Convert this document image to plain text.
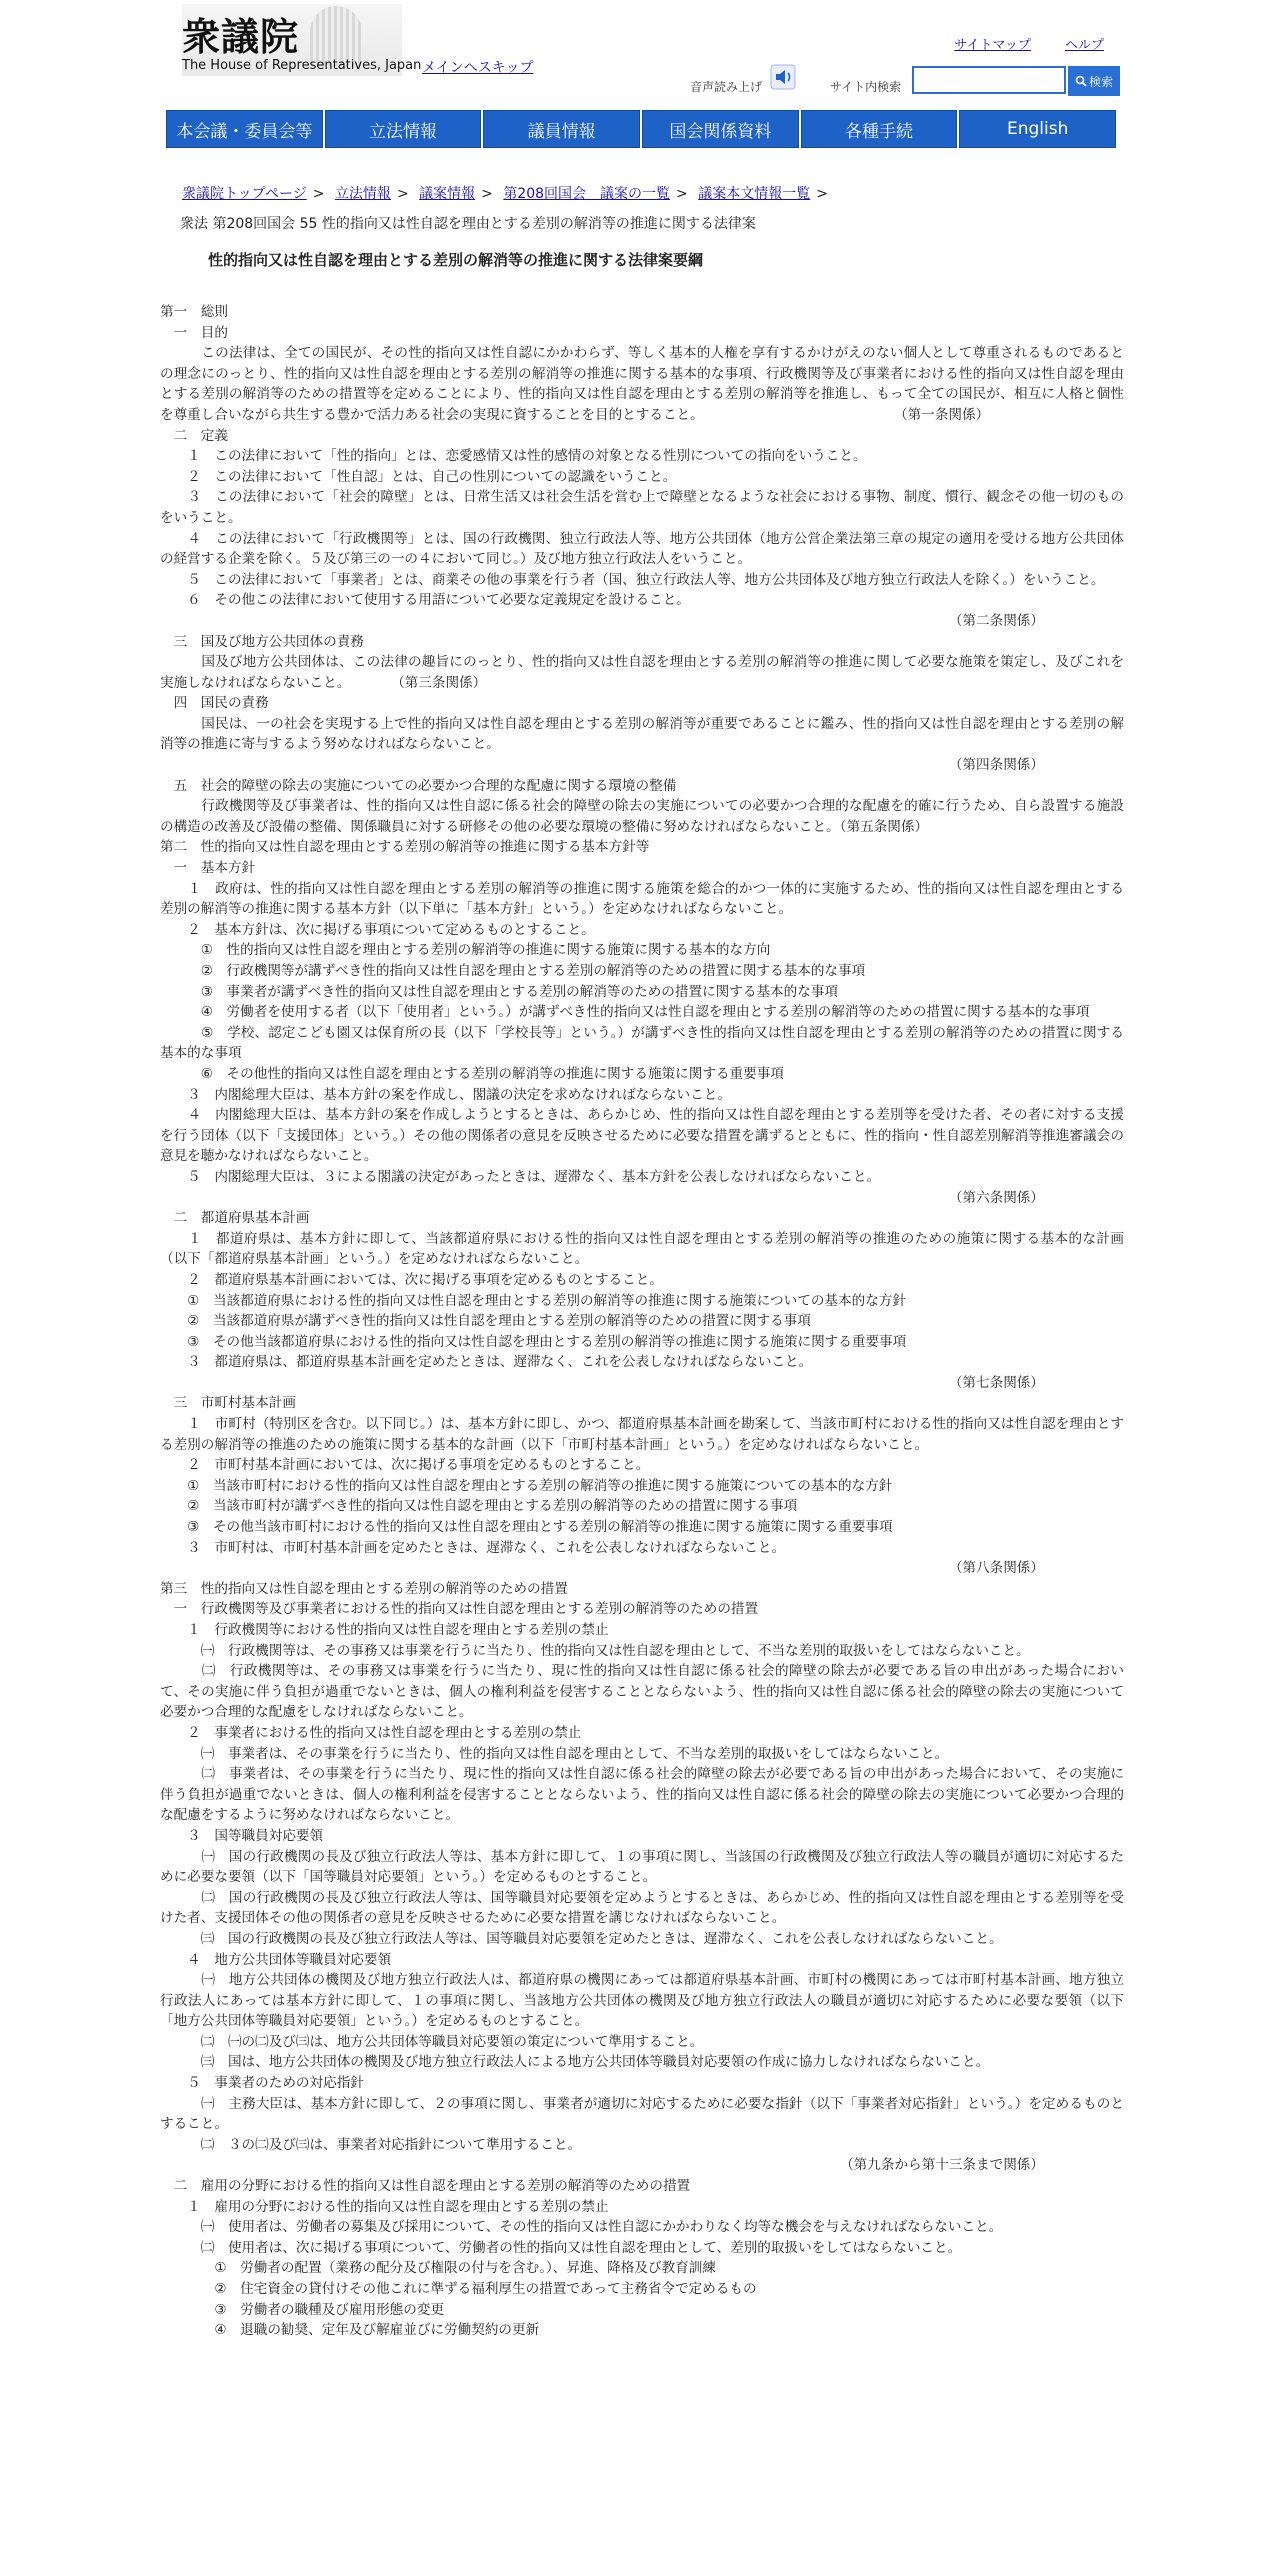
衆議院
The House of Representatives, Japan メインへスキップ
サイトマップ	ヘルプ
音声読み上げ	サイト内検索	検索
本会議・委員会等	立法情報	議員情報	国会関係資料	各種手続	English
衆議院トップページ > 立法情報 > 議案情報 > 第208回国会　議案の一覧 > 議案本文情報一覧 >
衆法 第208回国会 55 性的指向又は性自認を理由とする差別の解消等の推進に関する法律案
性的指向又は性自認を理由とする差別の解消等の推進に関する法律案要綱

第一　総則

　一　目的

　　　この法律は、全ての国民が、その性的指向又は性自認にかかわらず、等しく基本的人権を享有するかけがえのない個人として尊重されるものであるとの理念にのっとり、性的指向又は性自認を理由とする差別の解消等の推進に関する基本的な事項、行政機関等及び事業者における性的指向又は性自認を理由とする差別の解消等のための措置等を定めることにより、性的指向又は性自認を理由とする差別の解消等を推進し、もって全ての国民が、相互に人格と個性を尊重し合いながら共生する豊かで活力ある社会の実現に資することを目的とすること。　　　　　　　　　　　　　　　（第一条関係）

　二　定義

　　１　この法律において「性的指向」とは、恋愛感情又は性的感情の対象となる性別についての指向をいうこと。

　　２　この法律において「性自認」とは、自己の性別についての認識をいうこと。

　　３　この法律において「社会的障壁」とは、日常生活又は社会生活を営む上で障壁となるような社会における事物、制度、慣行、観念その他一切のものをいうこと。

　　４　この法律において「行政機関等」とは、国の行政機関、独立行政法人等、地方公共団体（地方公営企業法第三章の規定の適用を受ける地方公共団体の経営する企業を除く。５及び第三の一の４において同じ。）及び地方独立行政法人をいうこと。

　　５　この法律において「事業者」とは、商業その他の事業を行う者（国、独立行政法人等、地方公共団体及び地方独立行政法人を除く。）をいうこと。

　　６　その他この法律において使用する用語について必要な定義規定を設けること。

（第二条関係）

　三　国及び地方公共団体の責務

　　　国及び地方公共団体は、この法律の趣旨にのっとり、性的指向又は性自認を理由とする差別の解消等の推進に関して必要な施策を策定し、及びこれを実施しなければならないこと。　　　　（第三条関係）

　四　国民の責務

　　　国民は、一の社会を実現する上で性的指向又は性自認を理由とする差別の解消等が重要であることに鑑み、性的指向又は性自認を理由とする差別の解消等の推進に寄与するよう努めなければならないこと。

（第四条関係）

　五　社会的障壁の除去の実施についての必要かつ合理的な配慮に関する環境の整備

　　　行政機関等及び事業者は、性的指向又は性自認に係る社会的障壁の除去の実施についての必要かつ合理的な配慮を的確に行うため、自ら設置する施設の構造の改善及び設備の整備、関係職員に対する研修その他の必要な環境の整備に努めなければならないこと。（第五条関係）

第二　性的指向又は性自認を理由とする差別の解消等の推進に関する基本方針等

　一　基本方針

　　１　政府は、性的指向又は性自認を理由とする差別の解消等の推進に関する施策を総合的かつ一体的に実施するため、性的指向又は性自認を理由とする差別の解消等の推進に関する基本方針（以下単に「基本方針」という。）を定めなければならないこと。

　　２　基本方針は、次に掲げる事項について定めるものとすること。

　　　①　性的指向又は性自認を理由とする差別の解消等の推進に関する施策に関する基本的な方向

　　　②　行政機関等が講ずべき性的指向又は性自認を理由とする差別の解消等のための措置に関する基本的な事項

　　　③　事業者が講ずべき性的指向又は性自認を理由とする差別の解消等のための措置に関する基本的な事項

　　　④　労働者を使用する者（以下「使用者」という。）が講ずべき性的指向又は性自認を理由とする差別の解消等のための措置に関する基本的な事項

　　　⑤　学校、認定こども園又は保育所の長（以下「学校長等」という。）が講ずべき性的指向又は性自認を理由とする差別の解消等のための措置に関する基本的な事項

　　　⑥　その他性的指向又は性自認を理由とする差別の解消等の推進に関する施策に関する重要事項

　　３　内閣総理大臣は、基本方針の案を作成し、閣議の決定を求めなければならないこと。

　　４　内閣総理大臣は、基本方針の案を作成しようとするときは、あらかじめ、性的指向又は性自認を理由とする差別等を受けた者、その者に対する支援を行う団体（以下「支援団体」という。）その他の関係者の意見を反映させるために必要な措置を講ずるとともに、性的指向・性自認差別解消等推進審議会の意見を聴かなければならないこと。

　　５　内閣総理大臣は、３による閣議の決定があったときは、遅滞なく、基本方針を公表しなければならないこと。

（第六条関係）

　二　都道府県基本計画

　　１　都道府県は、基本方針に即して、当該都道府県における性的指向又は性自認を理由とする差別の解消等の推進のための施策に関する基本的な計画（以下「都道府県基本計画」という。）を定めなければならないこと。

　　２　都道府県基本計画においては、次に掲げる事項を定めるものとすること。

　　①　当該都道府県における性的指向又は性自認を理由とする差別の解消等の推進に関する施策についての基本的な方針

　　②　当該都道府県が講ずべき性的指向又は性自認を理由とする差別の解消等のための措置に関する事項

　　③　その他当該都道府県における性的指向又は性自認を理由とする差別の解消等の推進に関する施策に関する重要事項

　　３　都道府県は、都道府県基本計画を定めたときは、遅滞なく、これを公表しなければならないこと。

（第七条関係）

　三　市町村基本計画

　　１　市町村（特別区を含む。以下同じ。）は、基本方針に即し、かつ、都道府県基本計画を勘案して、当該市町村における性的指向又は性自認を理由とする差別の解消等の推進のための施策に関する基本的な計画（以下「市町村基本計画」という。）を定めなければならないこと。

　　２　市町村基本計画においては、次に掲げる事項を定めるものとすること。

　　①　当該市町村における性的指向又は性自認を理由とする差別の解消等の推進に関する施策についての基本的な方針

　　②　当該市町村が講ずべき性的指向又は性自認を理由とする差別の解消等のための措置に関する事項

　　③　その他当該市町村における性的指向又は性自認を理由とする差別の解消等の推進に関する施策に関する重要事項

　　３　市町村は、市町村基本計画を定めたときは、遅滞なく、これを公表しなければならないこと。

（第八条関係）

第三　性的指向又は性自認を理由とする差別の解消等のための措置

　一　行政機関等及び事業者における性的指向又は性自認を理由とする差別の解消等のための措置

　　１　行政機関等における性的指向又は性自認を理由とする差別の禁止

　　　㈠　行政機関等は、その事務又は事業を行うに当たり、性的指向又は性自認を理由として、不当な差別的取扱いをしてはならないこと。

　　　㈡　行政機関等は、その事務又は事業を行うに当たり、現に性的指向又は性自認に係る社会的障壁の除去が必要である旨の申出があった場合において、その実施に伴う負担が過重でないときは、個人の権利利益を侵害することとならないよう、性的指向又は性自認に係る社会的障壁の除去の実施について必要かつ合理的な配慮をしなければならないこと。

　　２　事業者における性的指向又は性自認を理由とする差別の禁止

　　　㈠　事業者は、その事業を行うに当たり、性的指向又は性自認を理由として、不当な差別的取扱いをしてはならないこと。

　　　㈡　事業者は、その事業を行うに当たり、現に性的指向又は性自認に係る社会的障壁の除去が必要である旨の申出があった場合において、その実施に伴う負担が過重でないときは、個人の権利利益を侵害することとならないよう、性的指向又は性自認に係る社会的障壁の除去の実施について必要かつ合理的な配慮をするように努めなければならないこと。

　　３　国等職員対応要領

　　　㈠　国の行政機関の長及び独立行政法人等は、基本方針に即して、１の事項に関し、当該国の行政機関及び独立行政法人等の職員が適切に対応するために必要な要領（以下「国等職員対応要領」という。）を定めるものとすること。

　　　㈡　国の行政機関の長及び独立行政法人等は、国等職員対応要領を定めようとするときは、あらかじめ、性的指向又は性自認を理由とする差別等を受けた者、支援団体その他の関係者の意見を反映させるために必要な措置を講じなければならないこと。

　　　㈢　国の行政機関の長及び独立行政法人等は、国等職員対応要領を定めたときは、遅滞なく、これを公表しなければならないこと。

　　４　地方公共団体等職員対応要領

　　　㈠　地方公共団体の機関及び地方独立行政法人は、都道府県の機関にあっては都道府県基本計画、市町村の機関にあっては市町村基本計画、地方独立行政法人にあっては基本方針に即して、１の事項に関し、当該地方公共団体の機関及び地方独立行政法人の職員が適切に対応するために必要な要領（以下「地方公共団体等職員対応要領」という。）を定めるものとすること。

　　　㈡　㈠の㈡及び㈢は、地方公共団体等職員対応要領の策定について準用すること。

　　　㈢　国は、地方公共団体の機関及び地方独立行政法人による地方公共団体等職員対応要領の作成に協力しなければならないこと。

　　５　事業者のための対応指針

　　　㈠　主務大臣は、基本方針に即して、２の事項に関し、事業者が適切に対応するために必要な指針（以下「事業者対応指針」という。）を定めるものとすること。

　　　㈡　３の㈡及び㈢は、事業者対応指針について準用すること。

（第九条から第十三条まで関係）

　二　雇用の分野における性的指向又は性自認を理由とする差別の解消等のための措置

　　１　雇用の分野における性的指向又は性自認を理由とする差別の禁止

　　　㈠　使用者は、労働者の募集及び採用について、その性的指向又は性自認にかかわりなく均等な機会を与えなければならないこと。

　　　㈡　使用者は、次に掲げる事項について、労働者の性的指向又は性自認を理由として、差別的取扱いをしてはならないこと。

　　　　①　労働者の配置（業務の配分及び権限の付与を含む。）、昇進、降格及び教育訓練

　　　　②　住宅資金の貸付けその他これに準ずる福利厚生の措置であって主務省令で定めるもの

　　　　③　労働者の職種及び雇用形態の変更

　　　　④　退職の勧奨、定年及び解雇並びに労働契約の更新
